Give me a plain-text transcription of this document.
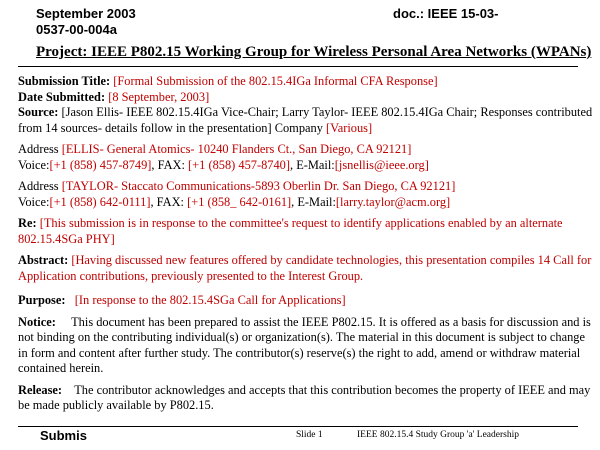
September 2003
0537-00-004a
doc.: IEEE 15-03-
Project: IEEE P802.15 Working Group for Wireless Personal Area Networks (WPANs)

Submission Title: [Formal Submission of the 802.15.4IGa Informal CFA Response]

Date Submitted: [8 September, 2003]

Source: [Jason Ellis- IEEE 802.15.4IGa Vice-Chair; Larry Taylor- IEEE 802.15.4IGa Chair; Responses contributed from 14 sources- details follow in the presentation] Company [Various]

Address [ELLIS- General Atomics- 10240 Flanders Ct., San Diego, CA 92121]
Voice:[+1 (858) 457-8749], FAX: [+1 (858) 457-8740], E-Mail:[jsnellis@ieee.org]

Address [TAYLOR- Staccato Communications-5893 Oberlin Dr. San Diego, CA 92121]
Voice:[+1 (858) 642-0111], FAX: [+1 (858_ 642-0161], E-Mail:[larry.taylor@acm.org]

Re: [This submission is in response to the committee's request to identify applications enabled by an alternate 802.15.4SGa PHY]

Abstract: [Having discussed new features offered by candidate technologies, this presentation compiles 14 Call for Application contributions, previously presented to the Interest Group.

Purpose: [In response to the 802.15.4SGa Call for Applications]

Notice: This document has been prepared to assist the IEEE P802.15. It is offered as a basis for discussion and is not binding on the contributing individual(s) or organization(s). The material in this document is subject to change in form and content after further study. The contributor(s) reserve(s) the right to add, amend or withdraw material contained herein.

Release: The contributor acknowledges and accepts that this contribution becomes the property of IEEE and may be made publicly available by P802.15.

Submis	Slide 1	IEEE 802.15.4 Study Group 'a' Leadership
